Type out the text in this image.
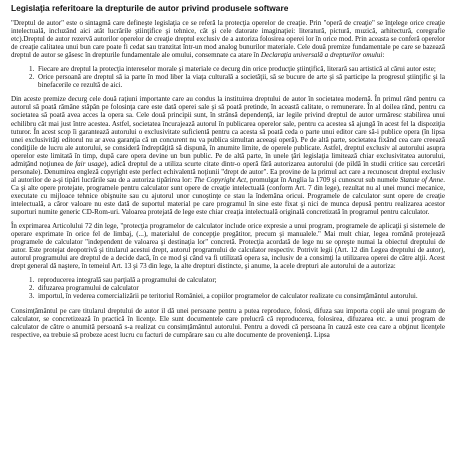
Legislaţia referitoare la drepturile de autor privind produsele software

"Dreptul de autor" este o sintagmă care defineşte legislaţia ce se referă la protecţia operelor de creaţie. Prin "operă de creaţie" se înţelege orice creaţie intelectuală, incluzând aici atât lucrările ştiinţifice şi tehnice, cât şi cele datorate imaginaţiei: literatură, pictură, muzică, arhitectură, coregrafie etc).Dreptul de autor rezervă autorilor operelor de creaţie dreptul exclusiv de a autoriza folosirea operei lor în orice mod. Prin aceasta se conferă operelor de creaţie calitatea unui bun care poate fi cedat sau tranzitat într-un mod analog bunurilor materiale. Cele două premize fundamentale pe care se bazează dreptul de autor se găsesc în drepturile fundamentale ale omului, consemnate ca atare în Declaraţia universală a drepturilor omului:

1. Fiecare are dreptul la protecţia intereselor morale şi materiale ce decurg din orice producţie ştiinţifică, literară sau artistică al cărui autor este;
2. Orice persoană are dreptul să ia parte în mod liber la viaţa culturală a societăţii, să se bucure de arte şi să participe la progresul ştiinţific şi la binefacerile ce rezultă de aici.

Din aceste premize decurg cele două raţiuni importante care au condus la instituirea dreptului de autor în societatea modernă. În primul rând pentru ca autorul să poată rămâne stăpân pe folosinţa care este dată operei sale şi să poată pretinde, în această calitate, o remunerare. În al doilea rând, pentru ca societatea să poată avea acces la opera sa. Cele două principii sunt, în strânsă dependenţă, iar legile privind dreptul de autor urmăresc stabilirea unui echilibru cât mai just între acestea. Astfel, societatea încurajează autorul în publicarea operelor sale, pentru ca acestea să ajungă în acest fel la dispoziţia tuturor. În acest scop îi garantează autorului o exclusivitate suficientă pentru ca acesta să poată ceda o parte unui editor care să-i publice opera (în lipsa unei exclusivităţi editorul nu ar avea garanţia că un concurent nu va publica simultan aceeaşi operă). Pe de altă parte, societatea fixând cea care creează condiţiile de lucru ale autorului, se consideră îndreptăţită să dispună, în anumite limite, de operele publicate. Astfel, dreptul exclusiv al autorului asupra operelor este limitată în timp, după care opera devine un bun public. Pe de altă parte, în unele ţări legislaţia limitează chiar exclusivitatea autorului, admiţând noţiunea de fair usage), adică dreptul de a utiliza scurte citate dintr-o operă fără autorizarea autorului (de pildă în studii critice sau cercetări personale). Denumirea engleză copyright este perfect echivalentă noţiunii "drept de autor". Ea provine de la primul act care a recunoscut dreptul exclusiv al autorilor de a-şi tipări lucrările sau de a autoriza tipărirea lor: The Copyright Act, promulgat în Anglia la 1709 şi cunoscut sub numele Statute of Anne. Ca şi alte opere protejate, programele pentru calculator sunt opere de creaţie intelectuală (conform Art. 7 din lege), rezultat nu al unei munci mecanice, executate cu mijloace tehnice obişnuite sau cu ajutorul unor cunoştinţe ce stau la îndemâna oricui. Programele de calculator sunt opere de creaţie intelectuală, a căror valoare nu este dată de suportul material pe care programul în sine este fixat şi nici de munca depusă pentru realizarea acestor suporturi numite generic CD-Rom-uri. Valoarea protejată de lege este chiar creaţia intelectuală originală concretizată în programul pentru calculator.

În exprimarea Articolului 72 din lege, "protecţia programelor de calculator include orice expresie a unui program, programele de aplicaţii şi sistemele de operare exprimate în orice fel de limbaj, (...), materialul de concepţie pregătitor, precum şi manualele." Mai mult chiar, legea română protejează programele de calculator "independent de valoarea şi destinaţia lor" concretă. Protecţia acordată de lege nu se opreşte numai la obiectul dreptului de autor. Este protejat deopotrivă şi titularul acestui drept, autorul programului de calculator respectiv. Potrivit legii (Art. 12 din Legea dreptului de autor), autorul programului are dreptul de a decide dacă, în ce mod şi când va fi utilizată opera sa, inclusiv de a consimţi la utilizarea operei de către alţii. Acest drept general dă naştere, în temeiul Art. 13 şi 73 din lege, la alte drepturi distincte, şi anume, la acele drepturi ale autorului de a autoriza:

1. reproducerea integrală sau parţială a programului de calculator;
2. difuzarea programului de calculator
3. importul, în vederea comercializării pe teritoriul României, a copiilor programelor de calculator realizate cu consimţământul autorului.

Consimţământul pe care titularul dreptului de autor il dă unei persoane pentru a putea reproduce, folosi, difuza sau importa copii ale unui program de calculator, se concretizează în practică în licenţe. Ele sunt documentele care prelucră că reproducerea, folosirea, difuzarea etc. a unui program de calculator de către o anumită persoană s-a realizat cu consimţământul autorului. Pentru a dovedi că persoana în cauză este cea care a obţinut licenţele respective, ea trebuie să probeze acest lucru cu facturi de cumpărare sau cu alte documente de provenienţă. Lipsa
